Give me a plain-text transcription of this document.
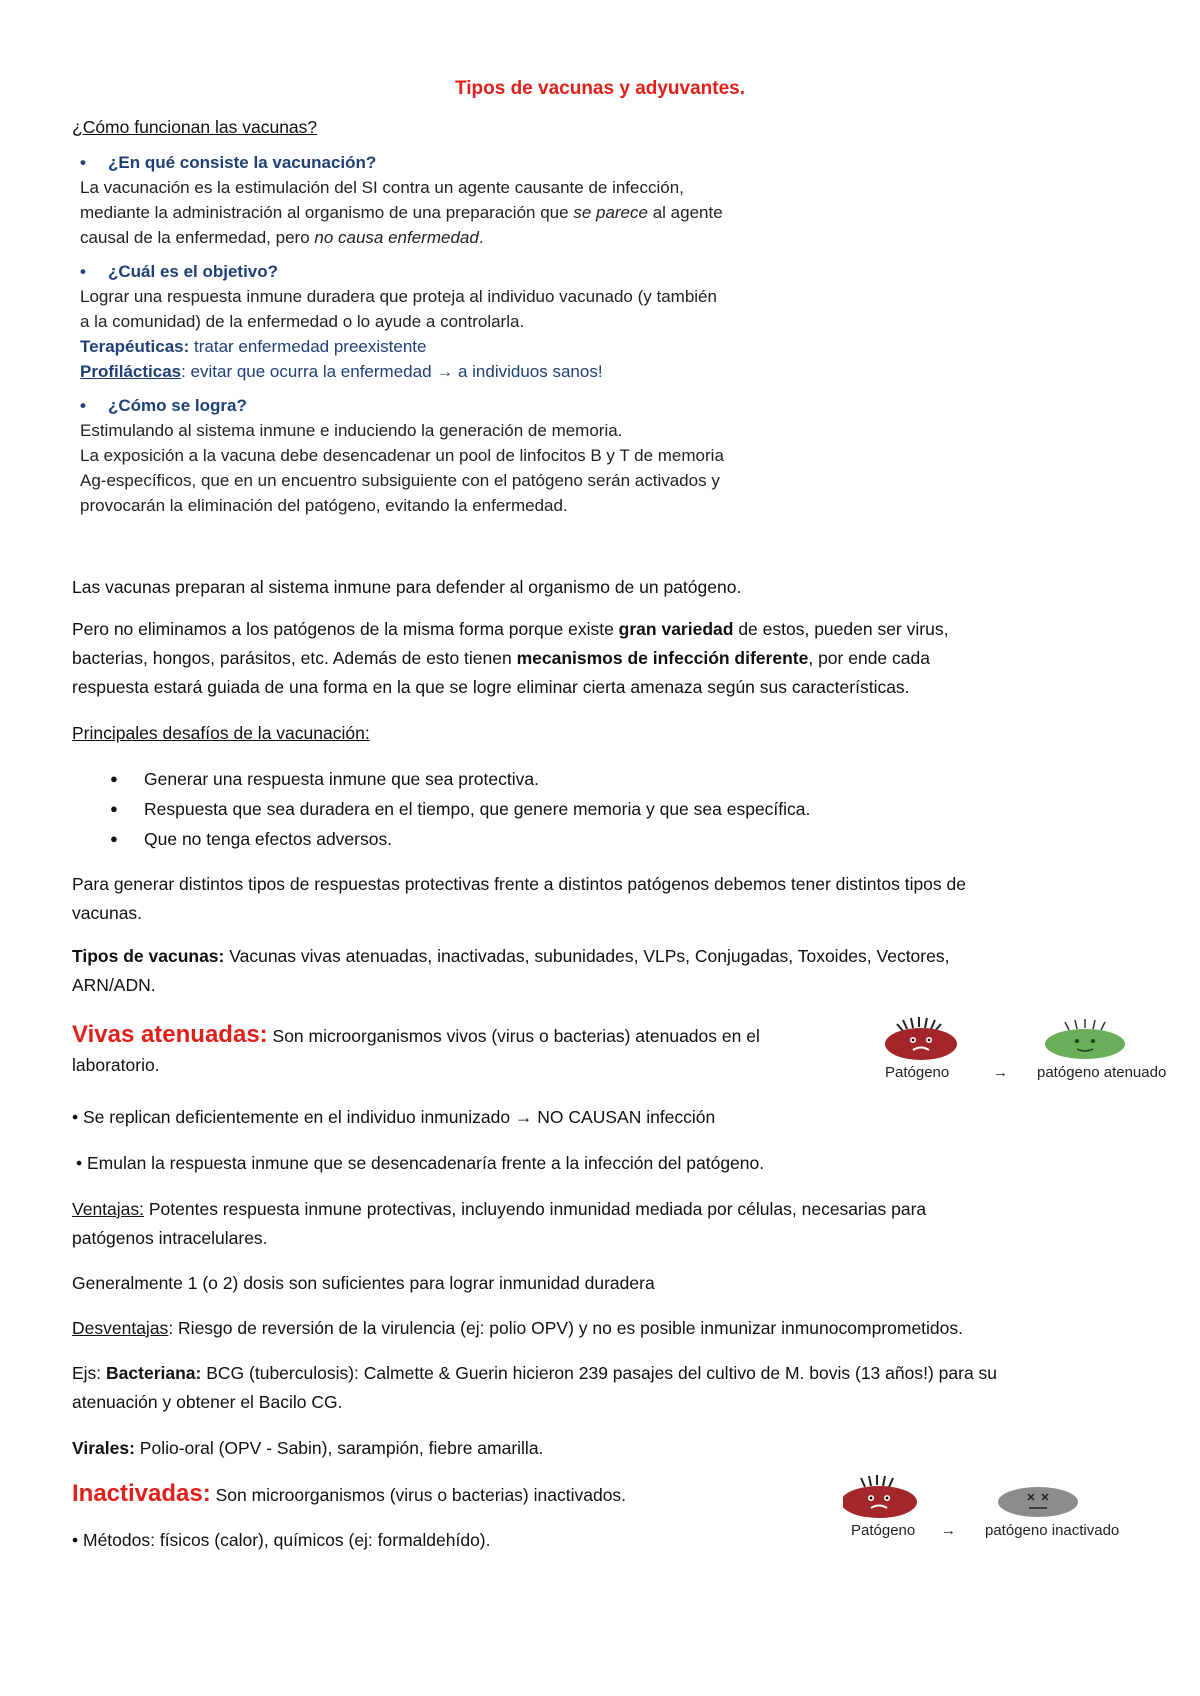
Tipos de vacunas y adyuvantes.
¿Cómo funcionan las vacunas?
• ¿En qué consiste la vacunación?
La vacunación es la estimulación del SI contra un agente causante de infección,
mediante la administración al organismo de una preparación que se parece al agente
causal de la enfermedad, pero no causa enfermedad.
• ¿Cuál es el objetivo?
Lograr una respuesta inmune duradera que proteja al individuo vacunado (y también
a la comunidad) de la enfermedad o lo ayude a controlarla.
Terapéuticas: tratar enfermedad preexistente
Profilácticas: evitar que ocurra la enfermedad → a individuos sanos!
• ¿Cómo se logra?
Estimulando al sistema inmune e induciendo la generación de memoria.
La exposición a la vacuna debe desencadenar un pool de linfocitos B y T de memoria
Ag-específicos, que en un encuentro subsiguiente con el patógeno serán activados y
provocarán la eliminación del patógeno, evitando la enfermedad.
Las vacunas preparan al sistema inmune para defender al organismo de un patógeno.
Pero no eliminamos a los patógenos de la misma forma porque existe gran variedad de estos, pueden ser virus,
bacterias, hongos, parásitos, etc. Además de esto tienen mecanismos de infección diferente, por ende cada
respuesta estará guiada de una forma en la que se logre eliminar cierta amenaza según sus características.
Principales desafíos de la vacunación:
● Generar una respuesta inmune que sea protectiva.
● Respuesta que sea duradera en el tiempo, que genere memoria y que sea específica.
● Que no tenga efectos adversos.
Para generar distintos tipos de respuestas protectivas frente a distintos patógenos debemos tener distintos tipos de
vacunas.
Tipos de vacunas: Vacunas vivas atenuadas, inactivadas, subunidades, VLPs, Conjugadas, Toxoides, Vectores,
ARN/ADN.
Vivas atenuadas: Son microorganismos vivos (virus o bacterias) atenuados en el
laboratorio.	Patógeno	→ patógeno atenuado
• Se replican deficientemente en el individuo inmunizado → NO CAUSAN infección
• Emulan la respuesta inmune que se desencadenaría frente a la infección del patógeno.
Ventajas: Potentes respuesta inmune protectivas, incluyendo inmunidad mediada por células, necesarias para
patógenos intracelulares.
Generalmente 1 (o 2) dosis son suficientes para lograr inmunidad duradera
Desventajas: Riesgo de reversión de la virulencia (ej: polio OPV) y no es posible inmunizar inmunocomprometidos.
Ejs: Bacteriana: BCG (tuberculosis): Calmette & Guerin hicieron 239 pasajes del cultivo de M. bovis (13 años!) para su
atenuación y obtener el Bacilo CG.
Virales: Polio-oral (OPV - Sabin), sarampión, fiebre amarilla.
Inactivadas: Son microorganismos (virus o bacterias) inactivados.
Patógeno → patógeno inactivado
• Métodos: físicos (calor), químicos (ej: formaldehído).
